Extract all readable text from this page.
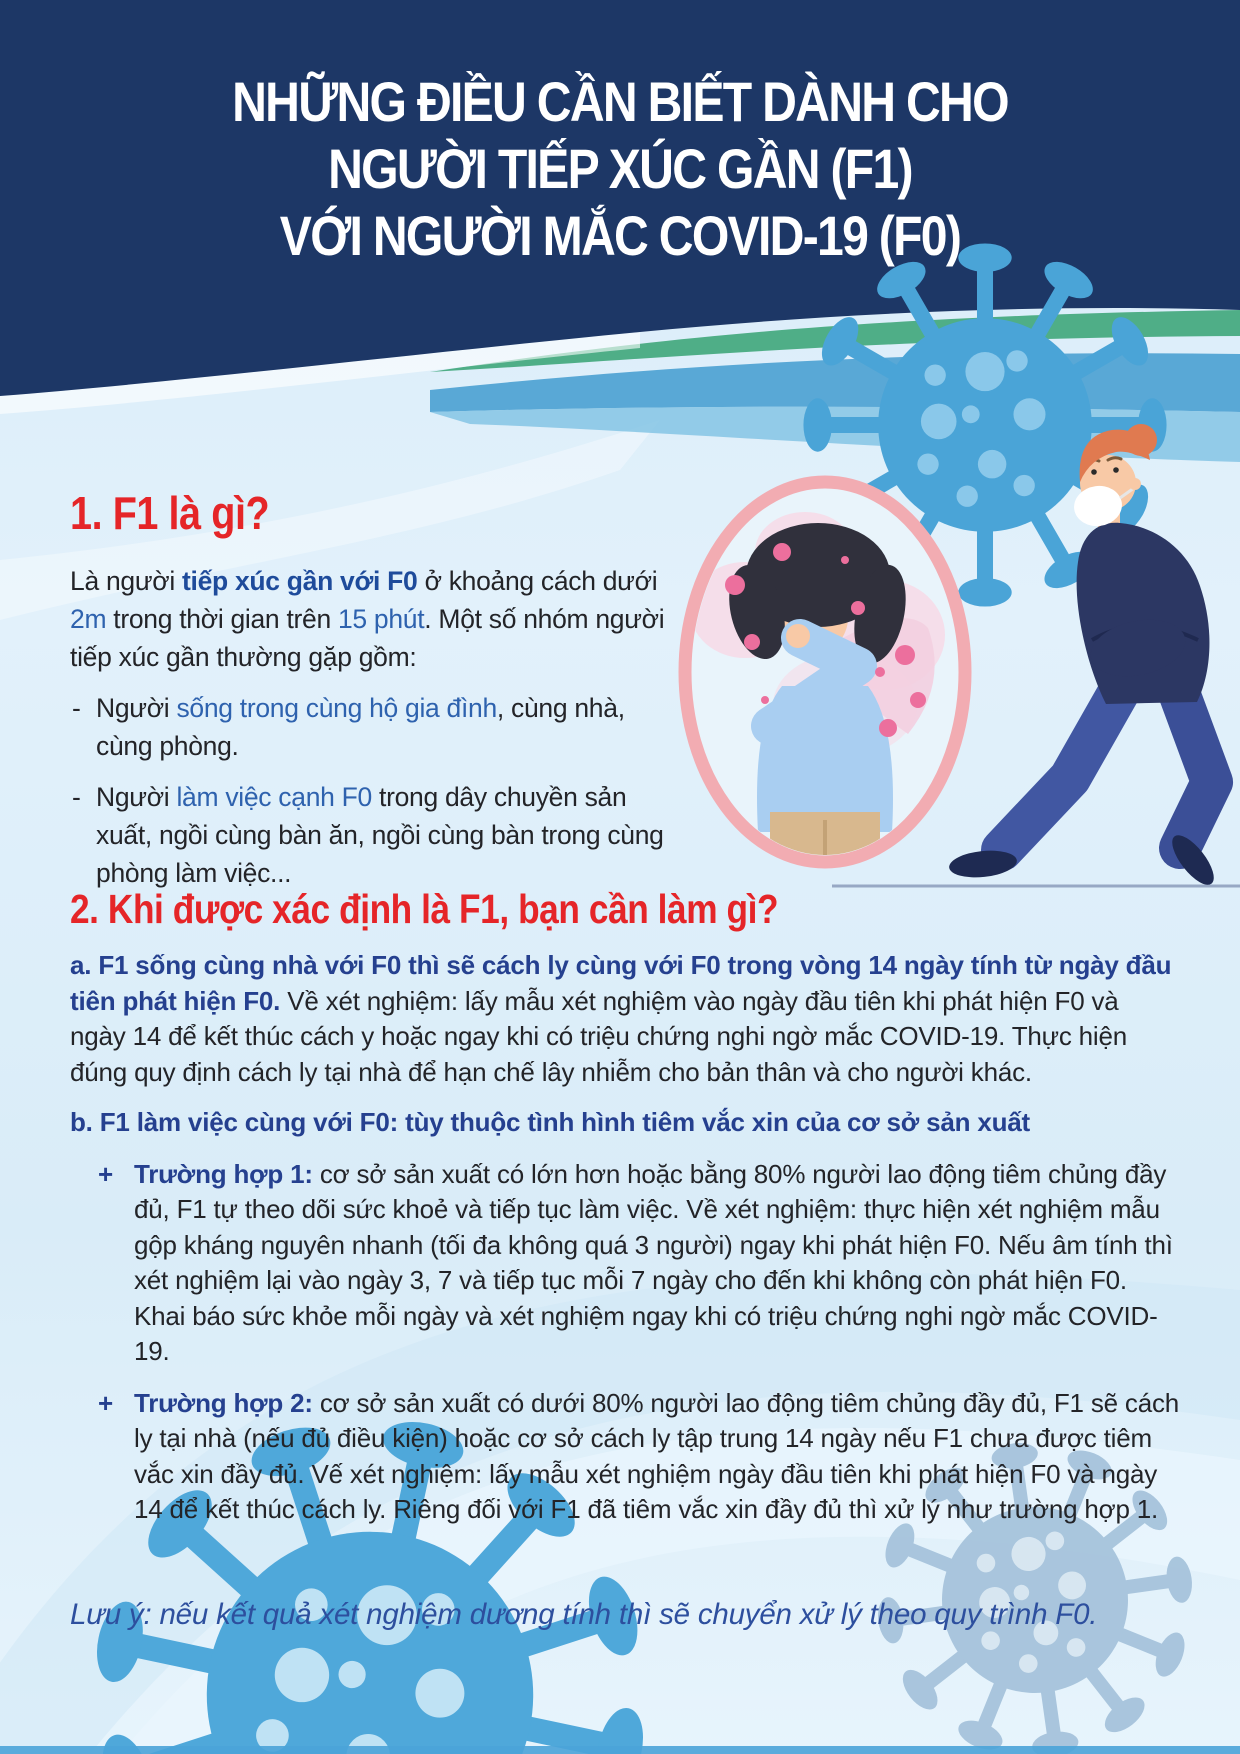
NHỮNG ĐIỀU CẦN BIẾT DÀNH CHO
NGƯỜI TIẾP XÚC GẦN (F1)
VỚI NGƯỜI MẮC COVID-19 (F0)
1. F1 là gì?

Là người tiếp xúc gần với F0 ở khoảng cách dưới 2m trong thời gian trên 15 phút. Một số nhóm người tiếp xúc gần thường gặp gồm:

- Người sống trong cùng hộ gia đình, cùng nhà, cùng phòng.
- Người làm việc cạnh F0 trong dây chuyền sản xuất, ngồi cùng bàn ăn, ngồi cùng bàn trong cùng phòng làm việc...
2. Khi được xác định là F1, bạn cần làm gì?

a. F1 sống cùng nhà với F0 thì sẽ cách ly cùng với F0 trong vòng 14 ngày tính từ ngày đầu tiên phát hiện F0. Về xét nghiệm: lấy mẫu xét nghiệm vào ngày đầu tiên khi phát hiện F0 và ngày 14 để kết thúc cách y hoặc ngay khi có triệu chứng nghi ngờ mắc COVID-19. Thực hiện đúng quy định cách ly tại nhà để hạn chế lây nhiễm cho bản thân và cho người khác.

b. F1 làm việc cùng với F0: tùy thuộc tình hình tiêm vắc xin của cơ sở sản xuất

+ Trường hợp 1: cơ sở sản xuất có lớn hơn hoặc bằng 80% người lao động tiêm chủng đầy đủ, F1 tự theo dõi sức khoẻ và tiếp tục làm việc. Về xét nghiệm: thực hiện xét nghiệm mẫu gộp kháng nguyên nhanh (tối đa không quá 3 người) ngay khi phát hiện F0. Nếu âm tính thì xét nghiệm lại vào ngày 3, 7 và tiếp tục mỗi 7 ngày cho đến khi không còn phát hiện F0. Khai báo sức khỏe mỗi ngày và xét nghiệm ngay khi có triệu chứng nghi ngờ mắc COVID-19.
+ Trường hợp 2: cơ sở sản xuất có dưới 80% người lao động tiêm chủng đầy đủ, F1 sẽ cách ly tại nhà (nếu đủ điều kiện) hoặc cơ sở cách ly tập trung 14 ngày nếu F1 chưa được tiêm vắc xin đầy đủ. Vế xét nghiệm: lấy mẫu xét nghiệm ngày đầu tiên khi phát hiện F0 và ngày 14 để kết thúc cách ly. Riêng đối với F1 đã tiêm vắc xin đầy đủ thì xử lý như trường hợp 1.

Lưu ý: nếu kết quả xét nghiệm dương tính thì sẽ chuyển xử lý theo quy trình F0.
